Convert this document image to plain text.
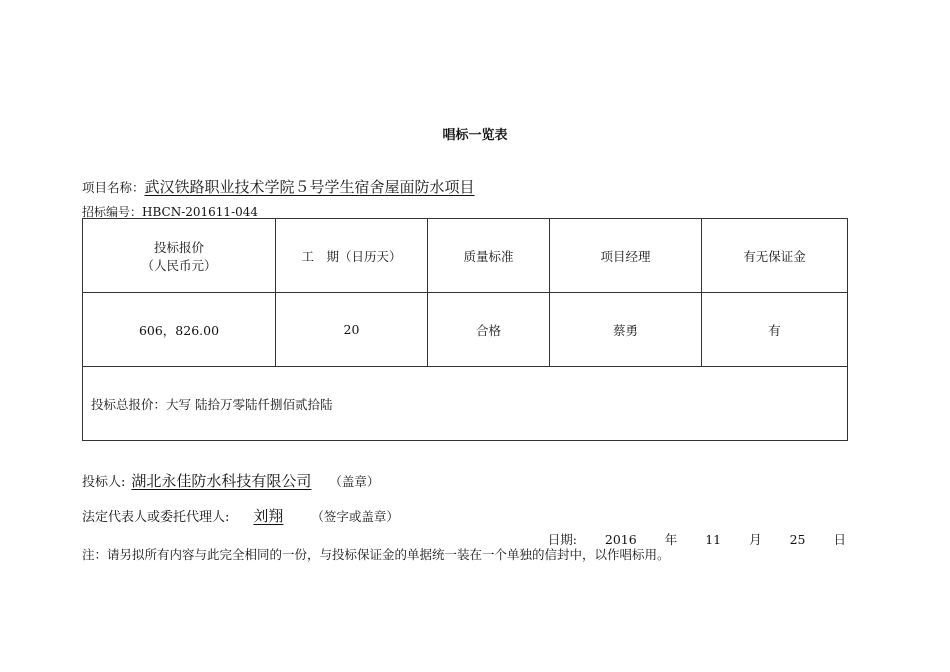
唱标一览表
项目名称：武汉铁路职业技术学院５号学生宿舍屋面防水项目
招标编号：HBCN-201611-044
投标报价
（人民币元）	工　期（日历天）	质量标准	项目经理	有无保证金
606，826.00	20	合格	蔡勇	有
投标总报价：大写 陆拾万零陆仟捌佰贰拾陆				
投标人: 湖北永佳防水科技有限公司 （盖章）
法定代表人或委托代理人: 刘翔 （签字或盖章）
日期: 2016 年 11 月 25 日
注：请另拟所有内容与此完全相同的一份，与投标保证金的单据统一装在一个单独的信封中，以作唱标用。
